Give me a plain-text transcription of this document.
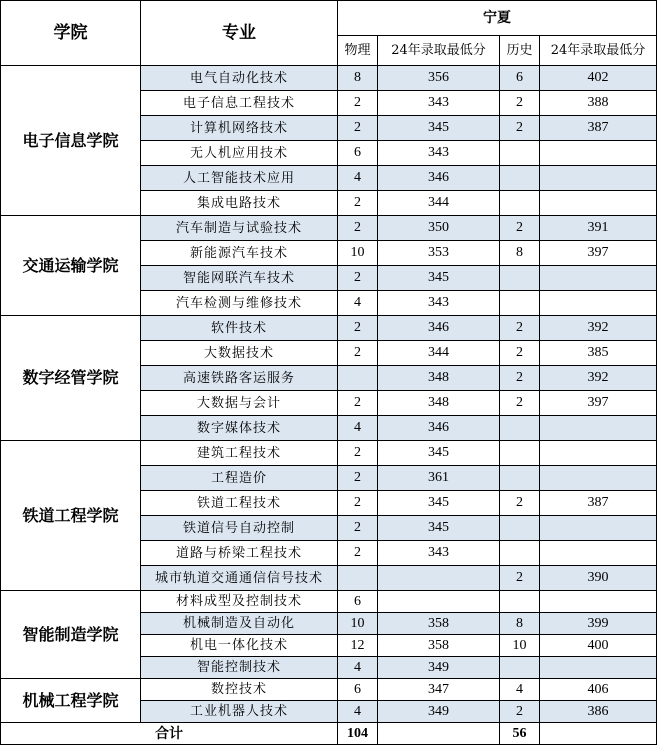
学院	专业	宁夏			
		物理	24年录取最低分	历史	24年录取最低分
电子信息学院	电气自动化技术	8	356	6	402
	电子信息工程技术	2	343	2	388
	计算机网络技术	2	345	2	387
	无人机应用技术	6	343		
	人工智能技术应用	4	346		
	集成电路技术	2	344		
交通运输学院	汽车制造与试验技术	2	350	2	391
	新能源汽车技术	10	353	8	397
	智能网联汽车技术	2	345		
	汽车检测与维修技术	4	343		
数字经管学院	软件技术	2	346	2	392
	大数据技术	2	344	2	385
	高速铁路客运服务		348	2	392
	大数据与会计	2	348	2	397
	数字媒体技术	4	346		
铁道工程学院	建筑工程技术	2	345		
	工程造价	2	361		
	铁道工程技术	2	345	2	387
	铁道信号自动控制	2	345		
	道路与桥梁工程技术	2	343		
	城市轨道交通通信信号技术			2	390
智能制造学院	材料成型及控制技术	6			
	机械制造及自动化	10	358	8	399
	机电一体化技术	12	358	10	400
	智能控制技术	4	349		
机械工程学院	数控技术	6	347	4	406
	工业机器人技术	4	349	2	386
合计		104		56	
